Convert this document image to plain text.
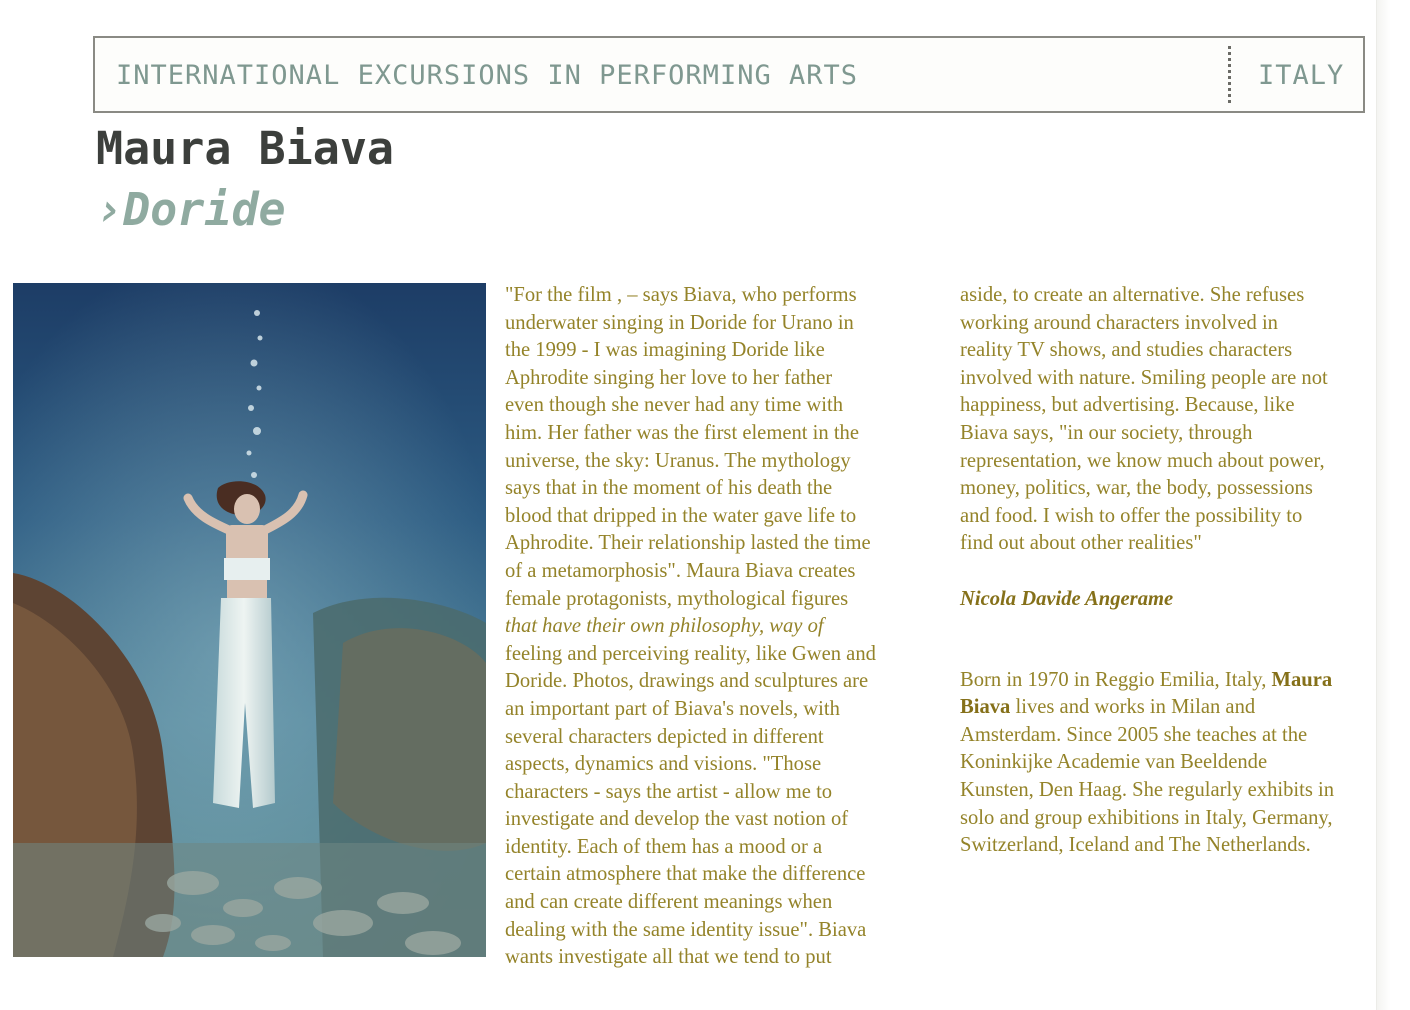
INTERNATIONAL EXCURSIONS IN PERFORMING ARTS	ITALY
Maura Biava
›Doride
"For the film , – says Biava, who performs
underwater singing in Doride for Urano in
the 1999 - I was imagining Doride like
Aphrodite singing her love to her father
even though she never had any time with
him. Her father was the first element in the
universe, the sky: Uranus. The mythology
says that in the moment of his death the
blood that dripped in the water gave life to
Aphrodite. Their relationship lasted the time
of a metamorphosis". Maura Biava creates
female protagonists, mythological figures
that have their own philosophy, way of
feeling and perceiving reality, like Gwen and
Doride. Photos, drawings and sculptures are
an important part of Biava's novels, with
several characters depicted in different
aspects, dynamics and visions. "Those
characters - says the artist - allow me to
investigate and develop the vast notion of
identity. Each of them has a mood or a
certain atmosphere that make the difference
and can create different meanings when
dealing with the same identity issue". Biava
wants investigate all that we tend to put
aside, to create an alternative. She refuses
working around characters involved in
reality TV shows, and studies characters
involved with nature. Smiling people are not
happiness, but advertising. Because, like
Biava says, "in our society, through
representation, we know much about power,
money, politics, war, the body, possessions
and food. I wish to offer the possibility to
find out about other realities"
Nicola Davide Angerame
Born in 1970 in Reggio Emilia, Italy, Maura
Biava lives and works in Milan and
Amsterdam. Since 2005 she teaches at the
Koninkijke Academie van Beeldende
Kunsten, Den Haag. She regularly exhibits in
solo and group exhibitions in Italy, Germany,
Switzerland, Iceland and The Netherlands.
